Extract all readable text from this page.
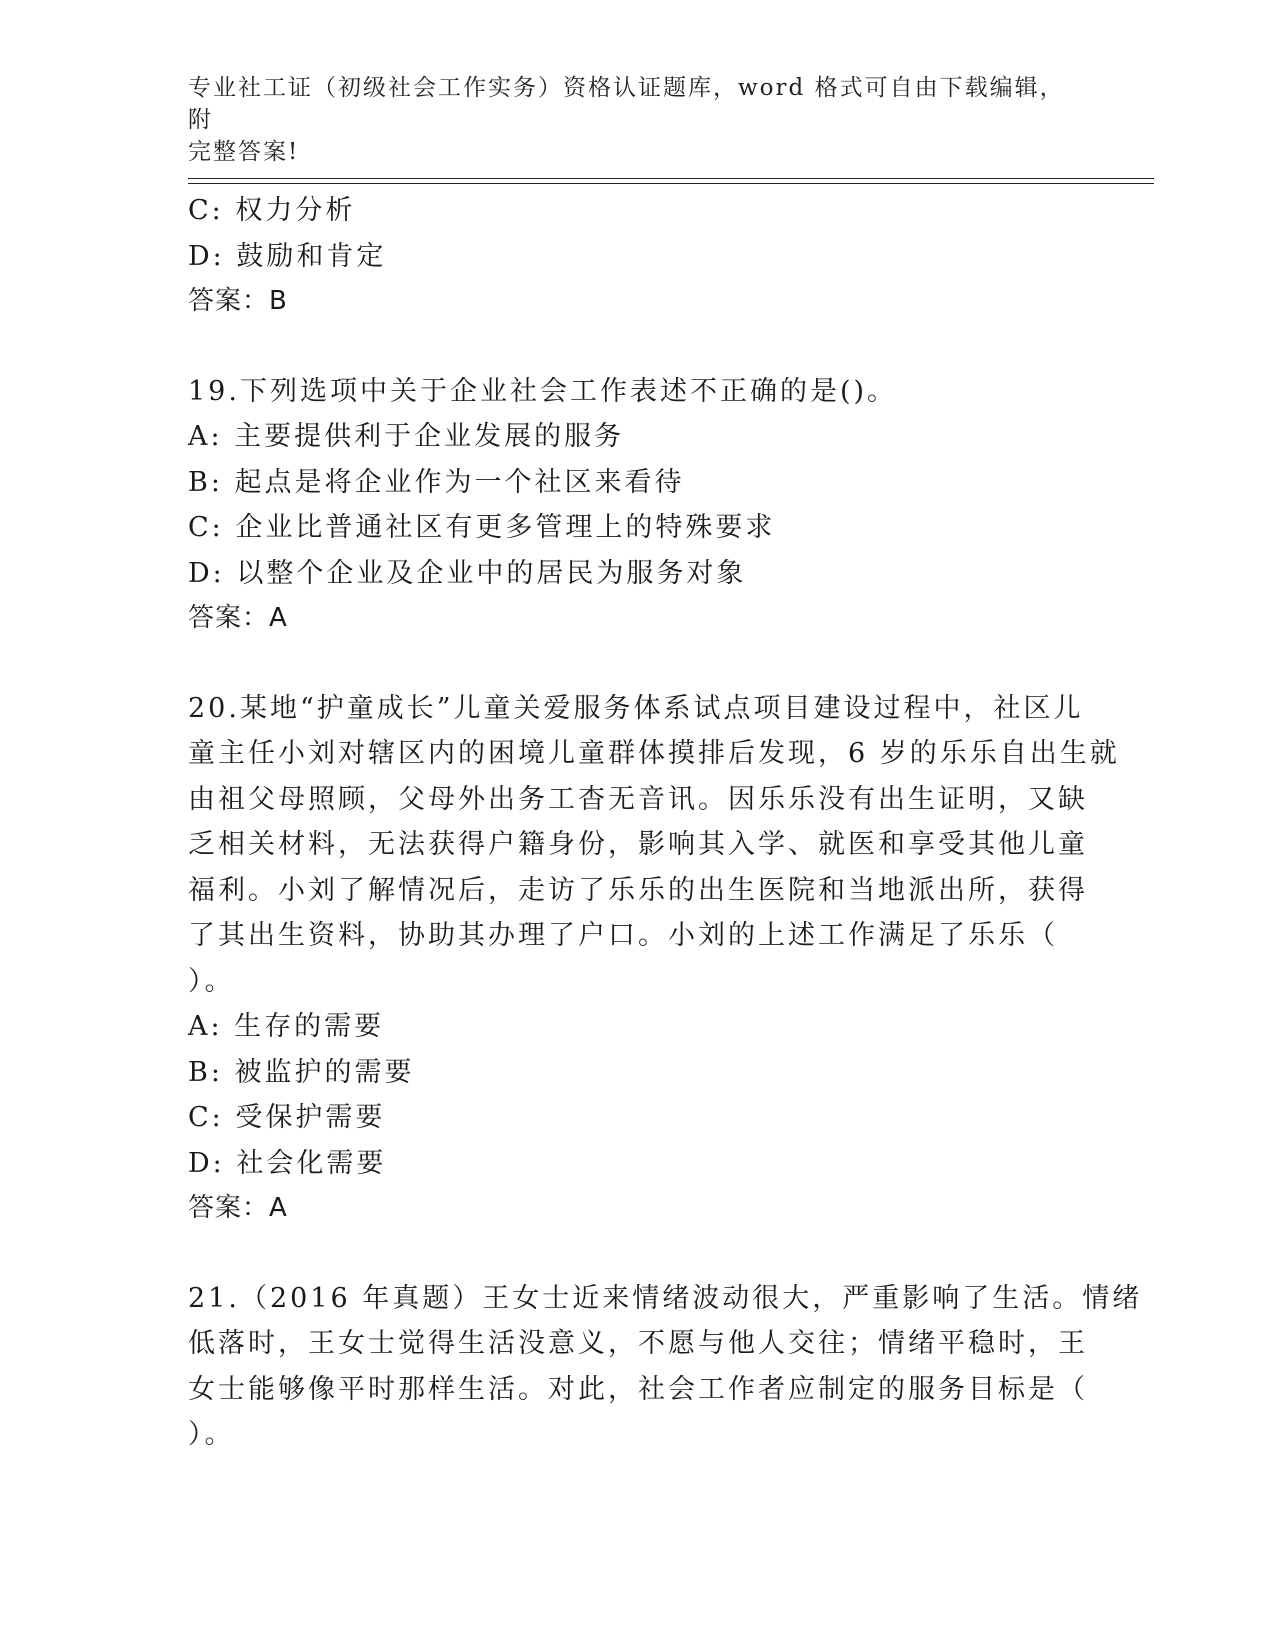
专业社工证（初级社会工作实务）资格认证题库，word 格式可自由下载编辑，附
完整答案!
C: 权力分析
D: 鼓励和肯定
答案：B
19.下列选项中关于企业社会工作表述不正确的是()。
A: 主要提供利于企业发展的服务
B: 起点是将企业作为一个社区来看待
C: 企业比普通社区有更多管理上的特殊要求
D: 以整个企业及企业中的居民为服务对象
答案：A
20.某地“护童成长”儿童关爱服务体系试点项目建设过程中，社区儿
童主任小刘对辖区内的困境儿童群体摸排后发现，6 岁的乐乐自出生就
由祖父母照顾，父母外出务工杳无音讯。因乐乐没有出生证明，又缺
乏相关材料，无法获得户籍身份，影响其入学、就医和享受其他儿童
福利。小刘了解情况后，走访了乐乐的出生医院和当地派出所，获得
了其出生资料，协助其办理了户口。小刘的上述工作满足了乐乐（
）。
A: 生存的需要
B: 被监护的需要
C: 受保护需要
D: 社会化需要
答案：A
21.（2016 年真题）王女士近来情绪波动很大，严重影响了生活。情绪
低落时，王女士觉得生活没意义，不愿与他人交往；情绪平稳时，王
女士能够像平时那样生活。对此，社会工作者应制定的服务目标是（
）。
